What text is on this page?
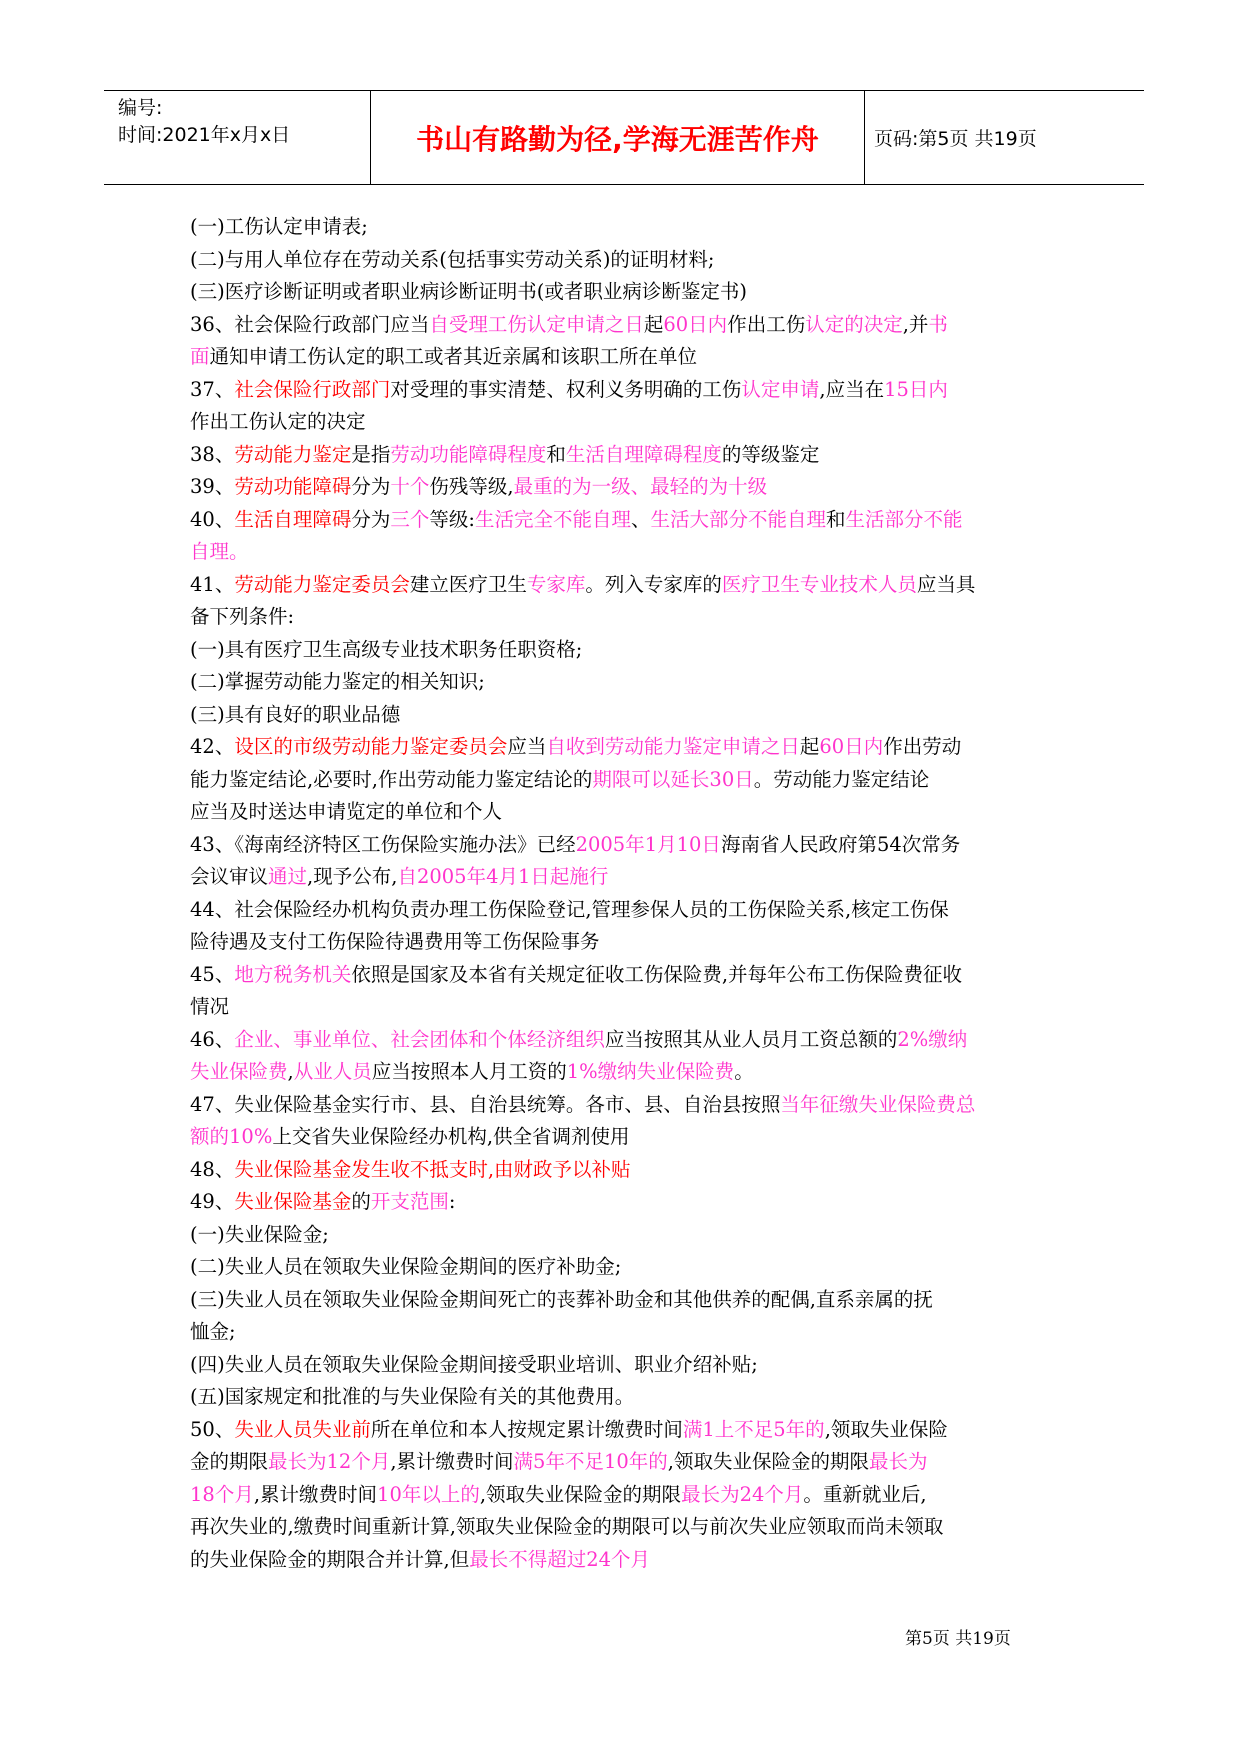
编号:
时间:2021年x月x日	书山有路勤为径,学海无涯苦作舟	页码:第5页 共19页

(一)工伤认定申请表;

(二)与用人单位存在劳动关系(包括事实劳动关系)的证明材料;

(三)医疗诊断证明或者职业病诊断证明书(或者职业病诊断鉴定书)

36、社会保险行政部门应当自受理工伤认定申请之日起60日内作出工伤认定的决定,并书

面通知申请工伤认定的职工或者其近亲属和该职工所在单位

37、社会保险行政部门对受理的事实清楚、权利义务明确的工伤认定申请,应当在15日内

作出工伤认定的决定

38、劳动能力鉴定是指劳动功能障碍程度和生活自理障碍程度的等级鉴定

39、劳动功能障碍分为十个伤残等级,最重的为一级、最轻的为十级

40、生活自理障碍分为三个等级:生活完全不能自理、生活大部分不能自理和生活部分不能

自理。

41、劳动能力鉴定委员会建立医疗卫生专家库。列入专家库的医疗卫生专业技术人员应当具

备下列条件:

(一)具有医疗卫生高级专业技术职务任职资格;

(二)掌握劳动能力鉴定的相关知识;

(三)具有良好的职业品德

42、设区的市级劳动能力鉴定委员会应当自收到劳动能力鉴定申请之日起60日内作出劳动

能力鉴定结论,必要时,作出劳动能力鉴定结论的期限可以延长30日。劳动能力鉴定结论

应当及时送达申请览定的单位和个人

43、《海南经济特区工伤保险实施办法》已经2005年1月10日海南省人民政府第54次常务

会议审议通过,现予公布,自2005年4月1日起施行

44、社会保险经办机构负责办理工伤保险登记,管理参保人员的工伤保险关系,核定工伤保

险待遇及支付工伤保险待遇费用等工伤保险事务

45、地方税务机关依照是国家及本省有关规定征收工伤保险费,并每年公布工伤保险费征收

情况

46、企业、事业单位、社会团体和个体经济组织应当按照其从业人员月工资总额的2%缴纳

失业保险费,从业人员应当按照本人月工资的1%缴纳失业保险费。

47、失业保险基金实行市、县、自治县统筹。各市、县、自治县按照当年征缴失业保险费总

额的10%上交省失业保险经办机构,供全省调剂使用

48、失业保险基金发生收不抵支时,由财政予以补贴

49、失业保险基金的开支范围:

(一)失业保险金;

(二)失业人员在领取失业保险金期间的医疗补助金;

(三)失业人员在领取失业保险金期间死亡的丧葬补助金和其他供养的配偶,直系亲属的抚

恤金;

(四)失业人员在领取失业保险金期间接受职业培训、职业介绍补贴;

(五)国家规定和批准的与失业保险有关的其他费用。

50、失业人员失业前所在单位和本人按规定累计缴费时间满1上不足5年的,领取失业保险

金的期限最长为12个月,累计缴费时间满5年不足10年的,领取失业保险金的期限最长为

18个月,累计缴费时间10年以上的,领取失业保险金的期限最长为24个月。重新就业后,

再次失业的,缴费时间重新计算,领取失业保险金的期限可以与前次失业应领取而尚未领取

的失业保险金的期限合并计算,但最长不得超过24个月

第5页 共19页
